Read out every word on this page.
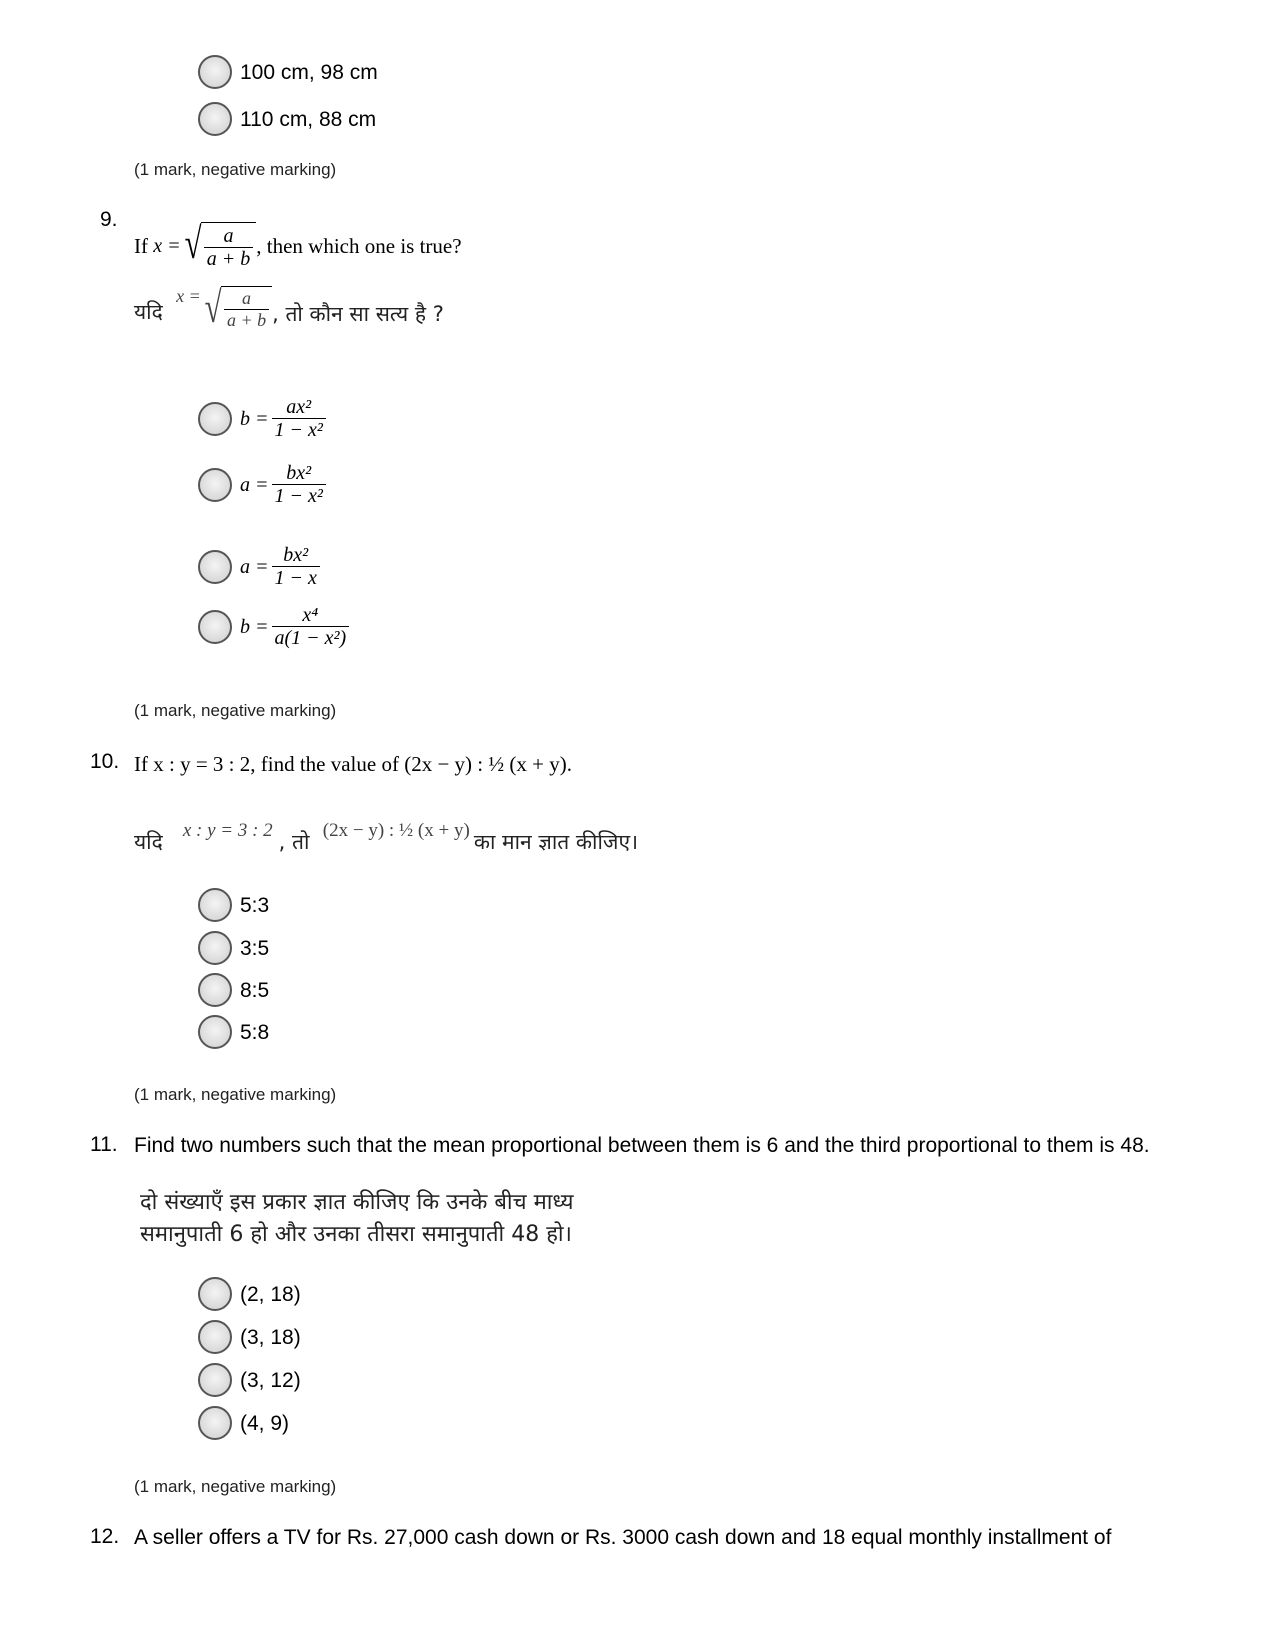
100 cm, 98 cm
110 cm, 88 cm
(1 mark, negative marking)
9.
If
x = √ $\frac{a}{a + b}$ , then which one is true?
यदि

x = √ $\frac{a}{a + b}$ , तो कौन सा सत्य है ?
$b = \frac{\text{ax²}}{\text{1 − x²}}$
$a = \frac{\text{bx²}}{\text{1 − x²}}$
$a = \frac{\text{bx²}}{1 - x}$
$b = \frac{\text{x⁴}}{\text{a(1 − x²)}}$
(1 mark, negative marking)
10. If x : y = 3 : 2, find the value of (2x − y) : ½ (x + y).
यदि
x : y = 3 : 2 , तो
(2x − y) : ½ (x + y) का मान ज्ञात कीजिए।
5:3
3:5
8:5
5:8
(1 mark, negative marking)
11. Find two numbers such that the mean proportional between them is 6 and the third proportional to them is 48.
दो संख्याएँ इस प्रकार ज्ञात कीजिए कि उनके बीच माध्य
समानुपाती 6 हो और उनका तीसरा समानुपाती 48 हो।
(2, 18)
(3, 18)
(3, 12)
(4, 9)
(1 mark, negative marking)
12. A seller offers a TV for Rs. 27,000 cash down or Rs. 3000 cash down and 18 equal monthly installment of
